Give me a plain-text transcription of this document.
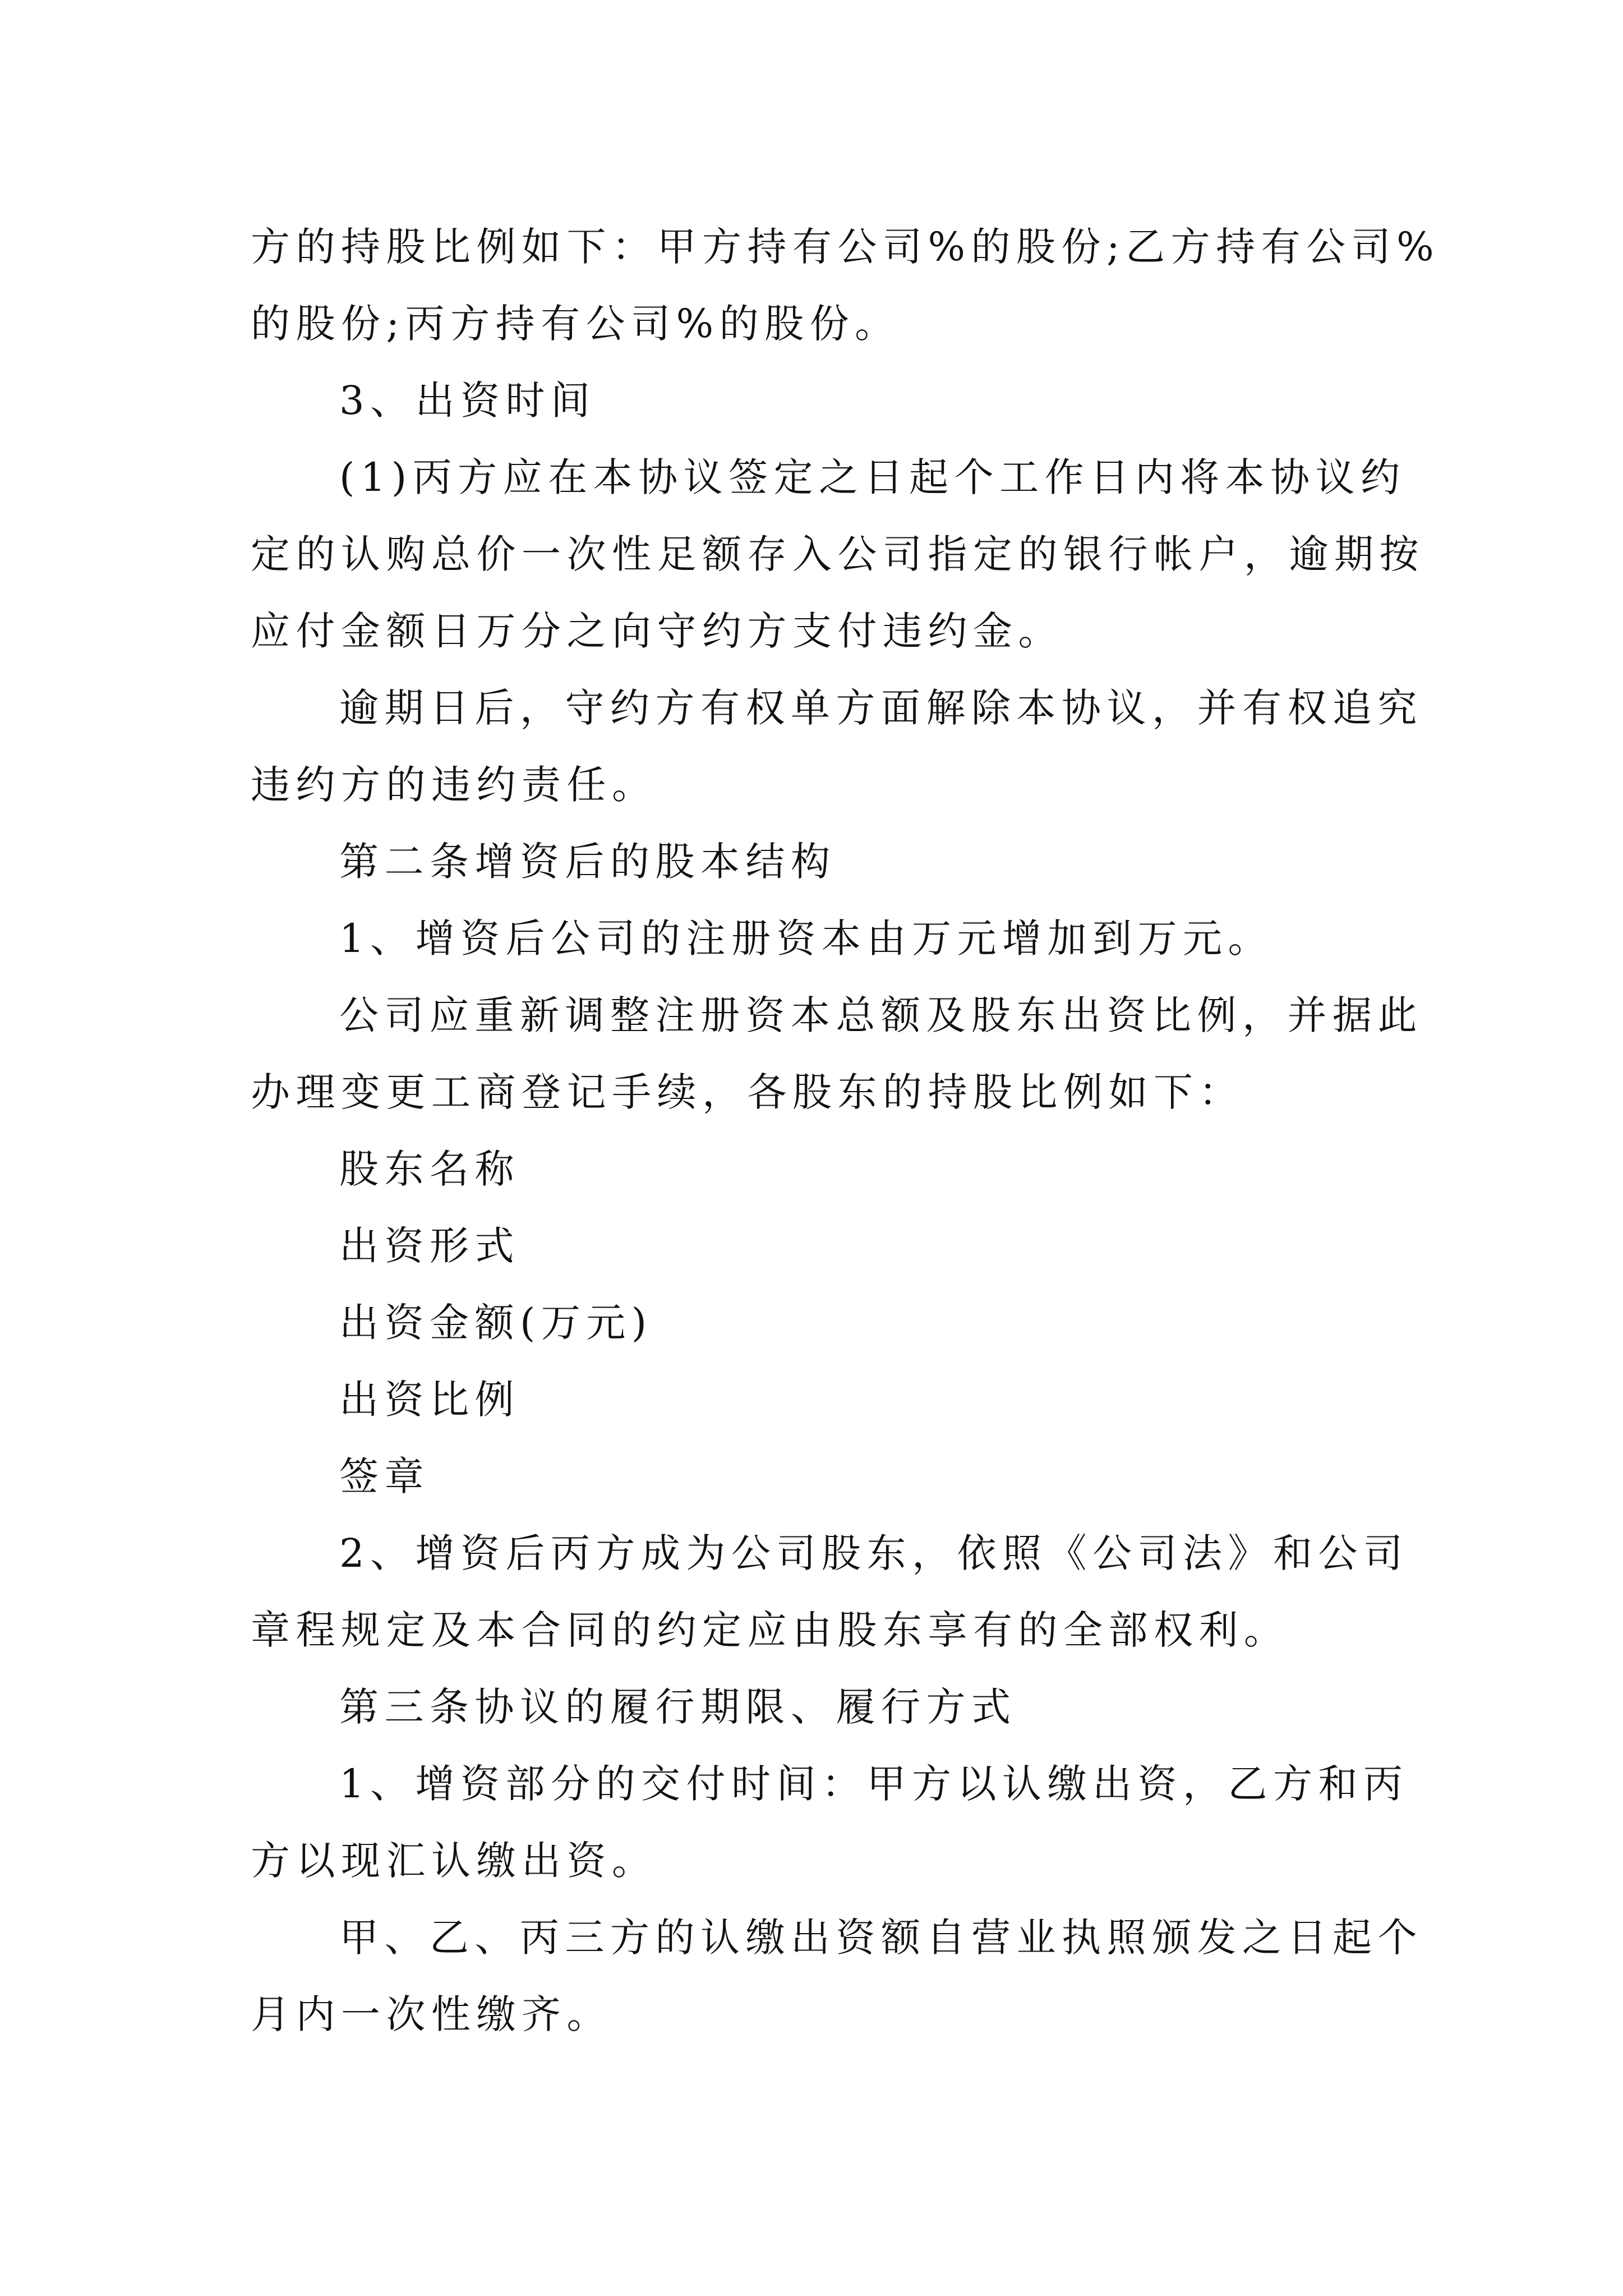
方的持股比例如下：甲方持有公司%的股份;乙方持有公司%
的股份;丙方持有公司%的股份。
3、出资时间
(1)丙方应在本协议签定之日起个工作日内将本协议约
定的认购总价一次性足额存入公司指定的银行帐户，逾期按
应付金额日万分之向守约方支付违约金。
逾期日后，守约方有权单方面解除本协议，并有权追究
违约方的违约责任。
第二条增资后的股本结构
1、增资后公司的注册资本由万元增加到万元。
公司应重新调整注册资本总额及股东出资比例，并据此
办理变更工商登记手续，各股东的持股比例如下：
股东名称
出资形式
出资金额(万元)
出资比例
签章
2、增资后丙方成为公司股东，依照《公司法》和公司
章程规定及本合同的约定应由股东享有的全部权利。
第三条协议的履行期限、履行方式
1、增资部分的交付时间：甲方以认缴出资，乙方和丙
方以现汇认缴出资。
甲、乙、丙三方的认缴出资额自营业执照颁发之日起个
月内一次性缴齐。
